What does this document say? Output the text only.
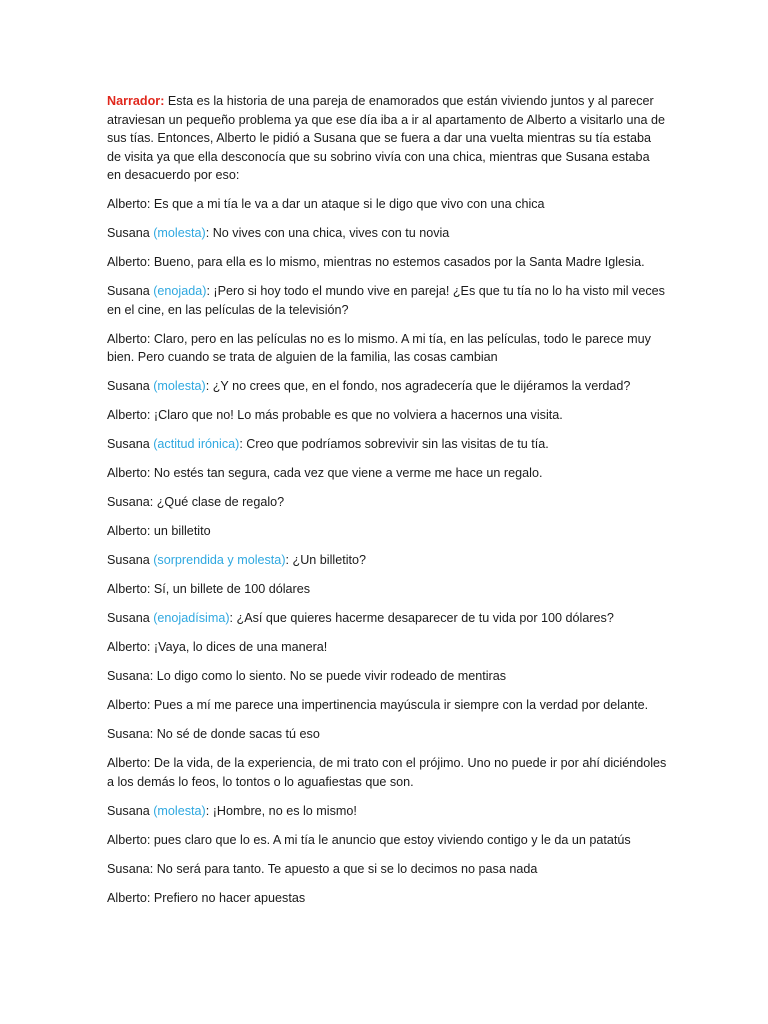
Narrador: Esta es la historia de una pareja de enamorados que están viviendo juntos y al parecer atraviesan un pequeño problema ya que ese día iba a ir al apartamento de Alberto a visitarlo una de sus tías. Entonces, Alberto le pidió a Susana que se fuera a dar una vuelta mientras su tía estaba de visita ya que ella desconocía que su sobrino vivía con una chica, mientras que Susana estaba en desacuerdo por eso:

Alberto: Es que a mi tía le va a dar un ataque si le digo que vivo con una chica

Susana (molesta): No vives con una chica, vives con tu novia

Alberto: Bueno, para ella es lo mismo, mientras no estemos casados por la Santa Madre Iglesia.

Susana (enojada): ¡Pero si hoy todo el mundo vive en pareja! ¿Es que tu tía no lo ha visto mil veces en el cine, en las películas de la televisión?

Alberto: Claro, pero en las películas no es lo mismo. A mi tía, en las películas, todo le parece muy bien. Pero cuando se trata de alguien de la familia, las cosas cambian

Susana (molesta): ¿Y no crees que, en el fondo, nos agradecería que le dijéramos la verdad?

Alberto: ¡Claro que no! Lo más probable es que no volviera a hacernos una visita.

Susana (actitud irónica): Creo que podríamos sobrevivir sin las visitas de tu tía.

Alberto: No estés tan segura, cada vez que viene a verme me hace un regalo.

Susana: ¿Qué clase de regalo?

Alberto: un billetito

Susana (sorprendida y molesta): ¿Un billetito?

Alberto: Sí, un billete de 100 dólares

Susana (enojadísima): ¿Así que quieres hacerme desaparecer de tu vida por 100 dólares?

Alberto: ¡Vaya, lo dices de una manera!

Susana: Lo digo como lo siento. No se puede vivir rodeado de mentiras

Alberto: Pues a mí me parece una impertinencia mayúscula ir siempre con la verdad por delante.

Susana: No sé de donde sacas tú eso

Alberto: De la vida, de la experiencia, de mi trato con el prójimo. Uno no puede ir por ahí diciéndoles a los demás lo feos, lo tontos o lo aguafiestas que son.

Susana (molesta): ¡Hombre, no es lo mismo!

Alberto: pues claro que lo es. A mi tía le anuncio que estoy viviendo contigo y le da un patatús

Susana: No será para tanto. Te apuesto a que si se lo decimos no pasa nada

Alberto: Prefiero no hacer apuestas
